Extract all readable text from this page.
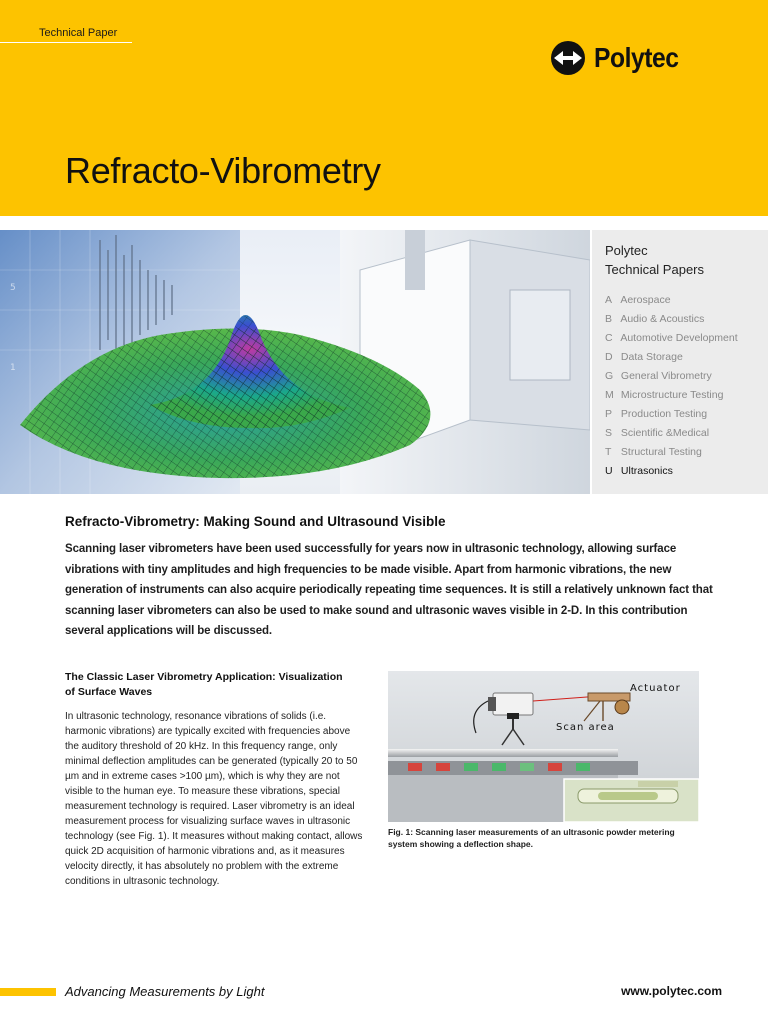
Technical Paper
Polytec
Refracto-Vibrometry
5
1
Polytec
Technical Papers
A Aerospace
B Audio & Acoustics
C Automotive Development
D Data Storage
G General Vibrometry
M Microstructure Testing
P Production Testing
S Scientific &Medical
T Structural Testing
U Ultrasonics
Refracto-Vibrometry: Making Sound and Ultrasound Visible

Scanning laser vibrometers have been used successfully for years now in ultrasonic technology, allowing surface vibrations with tiny amplitudes and high frequencies to be made visible. Apart from harmonic vibrations, the new generation of instruments can also acquire periodically repeating time sequences. It is still a relatively unknown fact that scanning laser vibrometers can also be used to make sound and ultrasonic waves visible in 2-D. In this contribution several applications will be discussed.

The Classic Laser Vibrometry Application: Visualization of Surface Waves

In ultrasonic technology, resonance vibrations of solids (i.e. harmonic vibrations) are typically excited with frequencies above the auditory threshold of 20 kHz. In this frequency range, only minimal deflection amplitudes can be generated (typically 20 to 50 µm and in extreme cases >100 µm), which is why they are not visible to the human eye. To measure these vibrations, special measurement technology is required. Laser vibrometry is an ideal measurement process for visualizing surface waves in ultrasonic technology (see Fig. 1). It measures without making contact, allows quick 2D acquisition of harmonic vibrations and, as it measures velocity directly, it has absolutely no problem with the extreme conditions in ultrasonic technology.

Actuator
Scan area
Fig. 1: Scanning laser measurements of an ultrasonic powder metering system showing a deflection shape.
Advancing Measurements by Light	www.polytec.com
